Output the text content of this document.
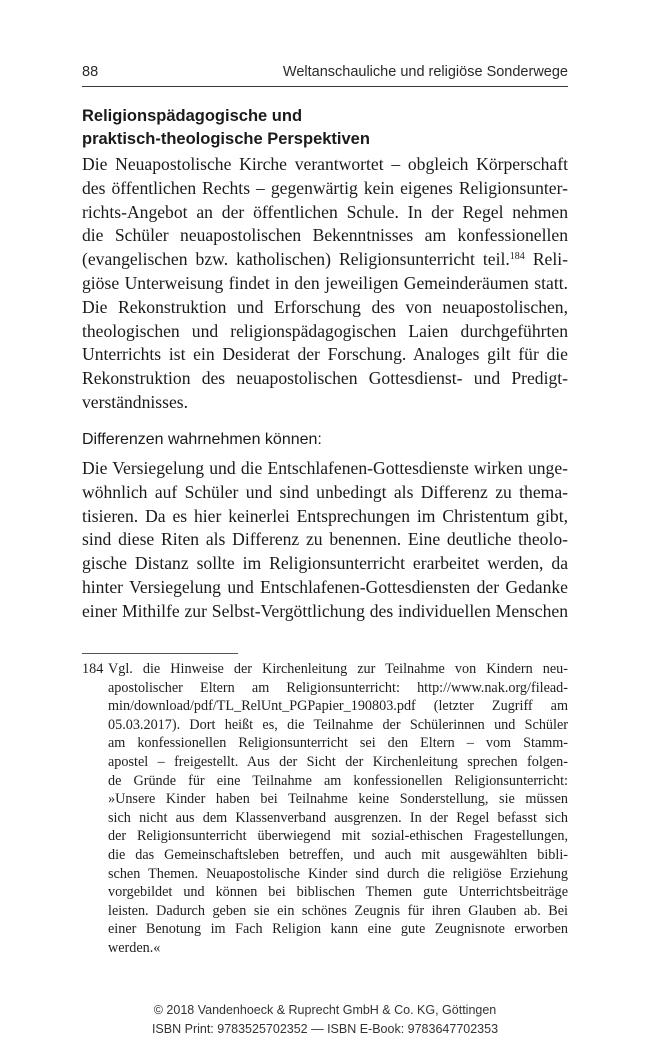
88	Weltanschauliche und religiöse Sonderwege
Religionspädagogische und
praktisch-theologische Perspektiven
Die Neuapostolische Kirche verantwortet – obgleich Körperschaft
des öffentlichen Rechts – gegenwärtig kein eigenes Religionsunter-
richts-Angebot an der öffentlichen Schule. In der Regel nehmen
die Schüler neuapostolischen Bekenntnisses am konfessionellen
(evangelischen bzw. katholischen) Religionsunterricht teil.$^{184}$ Reli-
giöse Unterweisung findet in den jeweiligen Gemeinderäumen statt.
Die Rekonstruktion und Erforschung des von neuapostolischen,
theologischen und religionspädagogischen Laien durchgeführten
Unterrichts ist ein Desiderat der Forschung. Analoges gilt für die
Rekonstruktion des neuapostolischen Gottesdienst- und Predigt-
verständnisses.
Differenzen wahrnehmen können:
Die Versiegelung und die Entschlafenen-Gottesdienste wirken unge-
wöhnlich auf Schüler und sind unbedingt als Differenz zu thema-
tisieren. Da es hier keinerlei Entsprechungen im Christentum gibt,
sind diese Riten als Differenz zu benennen. Eine deutliche theolo-
gische Distanz sollte im Religionsunterricht erarbeitet werden, da
hinter Versiegelung und Entschlafenen-Gottesdiensten der Gedanke
einer Mithilfe zur Selbst-Vergöttlichung des individuellen Menschen
184 Vgl. die Hinweise der Kirchenleitung zur Teilnahme von Kindern neu-
apostolischer Eltern am Religionsunterricht: http://www.nak.org/filead-
min/download/pdf/TL_RelUnt_PGPapier_190803.pdf (letzter Zugriff am
05.03.2017). Dort heißt es, die Teilnahme der Schülerinnen und Schüler
am konfessionellen Religionsunterricht sei den Eltern – vom Stamm-
apostel – freigestellt. Aus der Sicht der Kirchenleitung sprechen folgen-
de Gründe für eine Teilnahme am konfessionellen Religionsunterricht:
»Unsere Kinder haben bei Teilnahme keine Sonderstellung, sie müssen
sich nicht aus dem Klassenverband ausgrenzen. In der Regel befasst sich
der Religionsunterricht überwiegend mit sozial-ethischen Fragestellungen,
die das Gemeinschaftsleben betreffen, und auch mit ausgewählten bibli-
schen Themen. Neuapostolische Kinder sind durch die religiöse Erziehung
vorgebildet und können bei biblischen Themen gute Unterrichtsbeiträge
leisten. Dadurch geben sie ein schönes Zeugnis für ihren Glauben ab. Bei
einer Benotung im Fach Religion kann eine gute Zeugnisnote erworben
werden.«
© 2018 Vandenhoeck & Ruprecht GmbH & Co. KG, Göttingen
ISBN Print: 9783525702352 — ISBN E-Book: 9783647702353
